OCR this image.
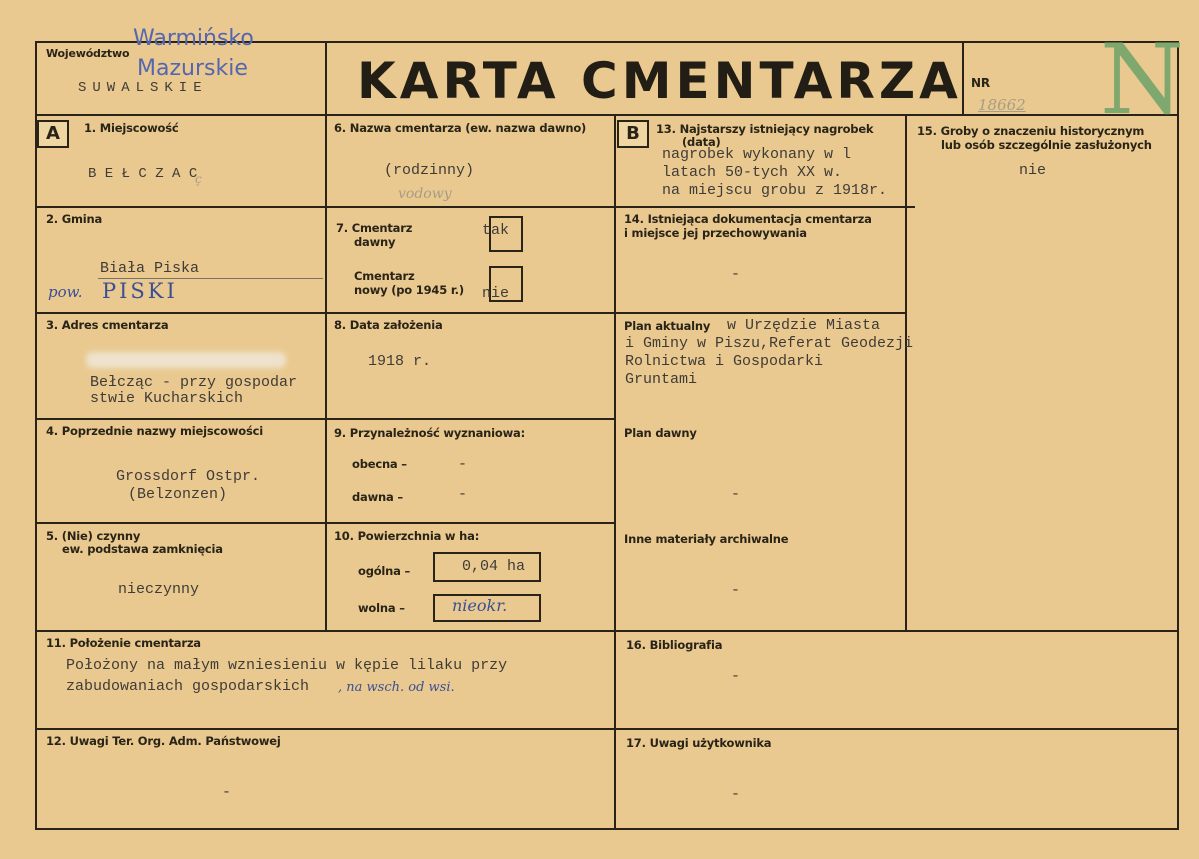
Województwo
Warmińsko
Mazurskie
SUWALSKIE	KARTA CMENTARZA NR
18662 N
A	B
1. Miejscowość
B E Ł C Z A C
ç
2. Gmina
Biała Piska
pow. PISKI
3. Adres cmentarza
Bełcząc - przy gospodar
stwie Kucharskich
4. Poprzednie nazwy miejscowości
Grossdorf Ostpr.
(Belzonzen)
5. (Nie) czynny
ew. podstawa zamknięcia
nieczynny
6. Nazwa cmentarza (ew. nazwa dawno)
(rodzinny)
vodowy
7. Cmentarz
dawny
tak
Cmentarz
nowy (po 1945 r.) nie
8. Data założenia
1918 r.
9. Przynależność wyznaniowa:
obecna –	-
dawna –	-
10. Powierzchnia w ha:
ogólna –	0,04 ha
wolna –	nieokr.
11. Położenie cmentarza
Położony na małym wzniesieniu w kępie lilaku przy
zabudowaniach gospodarskich , na wsch. od wsi.
12. Uwagi Ter. Org. Adm. Państwowej
-
13. Najstarszy istniejący nagrobek
(data)
nagrobek wykonany w l
latach 50-tych XX w.
na miejscu grobu z 1918r.
14. Istniejąca dokumentacja cmentarza
i miejsce jej przechowywania
-
Plan aktualny w Urzędzie Miasta
i Gminy w Piszu,Referat Geodezji
Rolnictwa i Gospodarki
Gruntami
Plan dawny
-
Inne materiały archiwalne
-
15. Groby o znaczeniu historycznym
lub osób szczególnie zasłużonych
nie
16. Bibliografia
-
17. Uwagi użytkownika
-
